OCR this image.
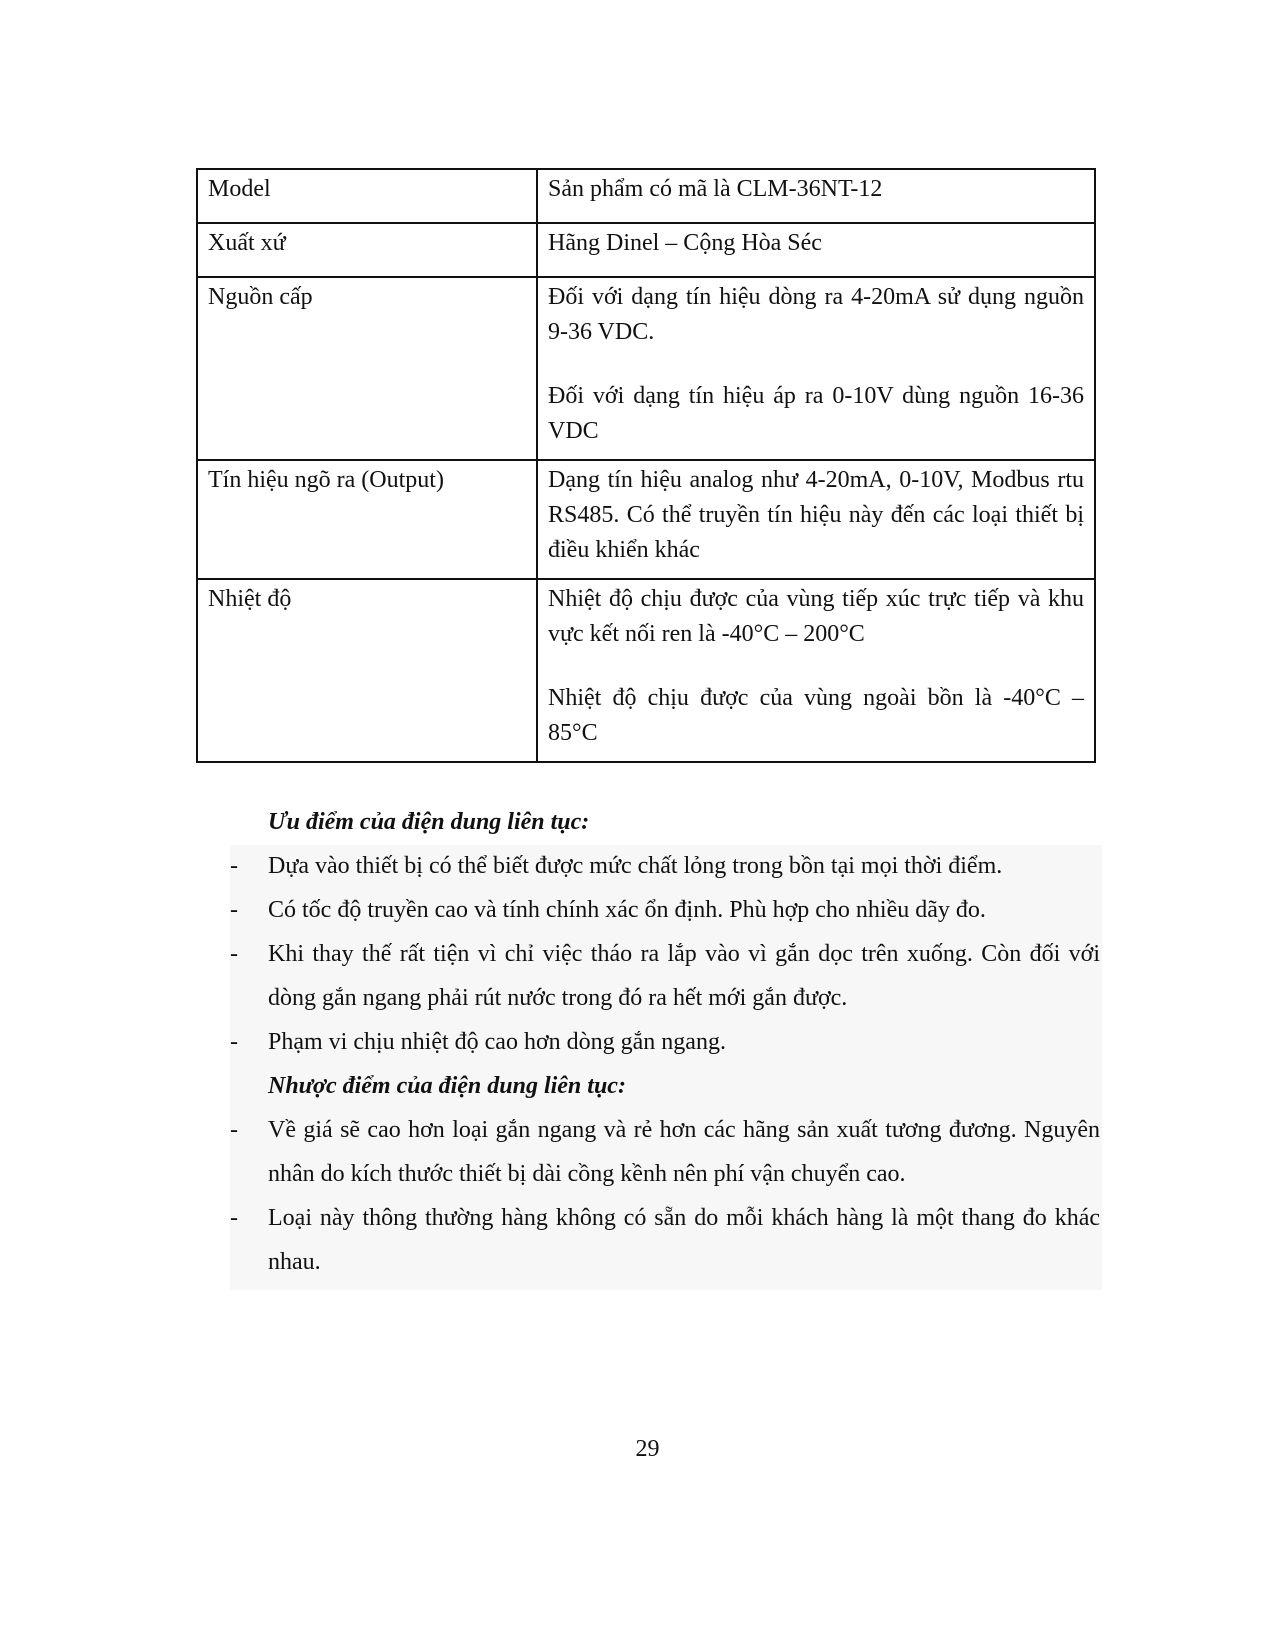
Model	Sản phẩm có mã là CLM-36NT-12

Xuất xứ	Hãng Dinel – Cộng Hòa Séc

Nguồn cấp	Đối với dạng tín hiệu dòng ra 4-20mA sử dụng nguồn 9-36 VDC.

Đối với dạng tín hiệu áp ra 0-10V dùng nguồn 16-36 VDC

Tín hiệu ngõ ra (Output)	Dạng tín hiệu analog như 4-20mA, 0-10V, Modbus rtu RS485. Có thể truyền tín hiệu này đến các loại thiết bị điều khiển khác

Nhiệt độ	Nhiệt độ chịu được của vùng tiếp xúc trực tiếp và khu vực kết nối ren là -40°C – 200°C

Nhiệt độ chịu được của vùng ngoài bồn là -40°C – 85°C

Ưu điểm của điện dung liên tục:
-	Dựa vào thiết bị có thể biết được mức chất lỏng trong bồn tại mọi thời điểm.
-	Có tốc độ truyền cao và tính chính xác ổn định. Phù hợp cho nhiều dãy đo.
-	Khi thay thế rất tiện vì chỉ việc tháo ra lắp vào vì gắn dọc trên xuống. Còn đối với dòng gắn ngang phải rút nước trong đó ra hết mới gắn được.
-	Phạm vi chịu nhiệt độ cao hơn dòng gắn ngang.
Nhược điểm của điện dung liên tục:
-	Về giá sẽ cao hơn loại gắn ngang và rẻ hơn các hãng sản xuất tương đương. Nguyên nhân do kích thước thiết bị dài cồng kềnh nên phí vận chuyển cao.
-	Loại này thông thường hàng không có sẵn do mỗi khách hàng là một thang đo khác nhau.
29
